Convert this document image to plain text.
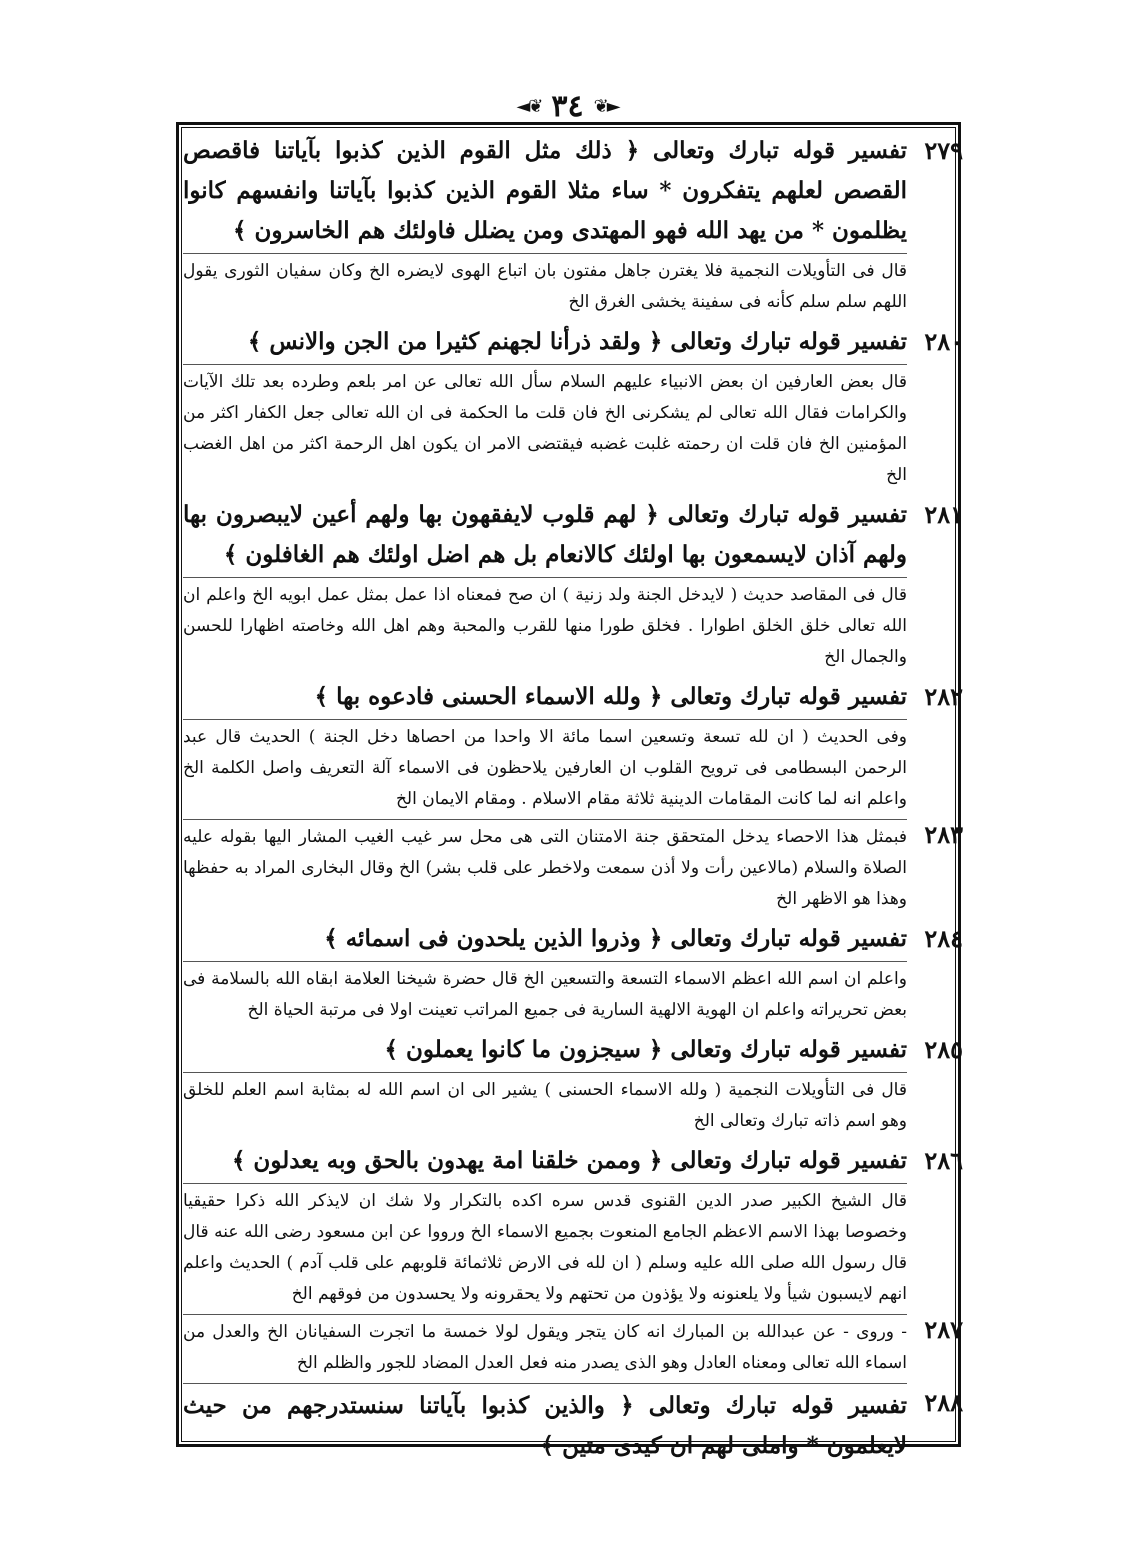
◄❦ ٣٤ ❦►
٢٧٩
تفسير قوله تبارك وتعالى ﴿ ذلك مثل القوم الذين كذبوا بآياتنا فاقصص القصص لعلهم يتفكرون * ساء مثلا القوم الذين كذبوا بآياتنا وانفسهم كانوا يظلمون * من يهد الله فهو المهتدى ومن يضلل فاولئك هم الخاسرون ﴾
قال فى التأويلات النجمية فلا يغترن جاهل مفتون بان اتباع الهوى لايضره الخ وكان سفيان الثورى يقول اللهم سلم سلم كأنه فى سفينة يخشى الغرق الخ
٢٨٠
تفسير قوله تبارك وتعالى ﴿ ولقد ذرأنا لجهنم كثيرا من الجن والانس ﴾
قال بعض العارفين ان بعض الانبياء عليهم السلام سأل الله تعالى عن امر بلعم وطرده بعد تلك الآيات والكرامات فقال الله تعالى لم يشكرنى الخ فان قلت ما الحكمة فى ان الله تعالى جعل الكفار اكثر من المؤمنين الخ فان قلت ان رحمته غلبت غضبه فيقتضى الامر ان يكون اهل الرحمة اكثر من اهل الغضب الخ
٢٨١
تفسير قوله تبارك وتعالى ﴿ لهم قلوب لايفقهون بها ولهم أعين لايبصرون بها ولهم آذان لايسمعون بها اولئك كالانعام بل هم اضل اولئك هم الغافلون ﴾
قال فى المقاصد حديث ( لايدخل الجنة ولد زنية ) ان صح فمعناه اذا عمل بمثل عمل ابويه الخ واعلم ان الله تعالى خلق الخلق اطوارا . فخلق طورا منها للقرب والمحبة وهم اهل الله وخاصته اظهارا للحسن والجمال الخ
٢٨٢
تفسير قوله تبارك وتعالى ﴿ ولله الاسماء الحسنى فادعوه بها ﴾
وفى الحديث ( ان لله تسعة وتسعين اسما مائة الا واحدا من احصاها دخل الجنة ) الحديث قال عبد الرحمن البسطامى فى ترويح القلوب ان العارفين يلاحظون فى الاسماء آلة التعريف واصل الكلمة الخ واعلم انه لما كانت المقامات الدينية ثلاثة مقام الاسلام . ومقام الايمان الخ
٢٨٣
فبمثل هذا الاحصاء يدخل المتحقق جنة الامتنان التى هى محل سر غيب الغيب المشار اليها بقوله عليه الصلاة والسلام (مالاعين رأت ولا أذن سمعت ولاخطر على قلب بشر) الخ وقال البخارى المراد به حفظها وهذا هو الاظهر الخ
٢٨٤
تفسير قوله تبارك وتعالى ﴿ وذروا الذين يلحدون فى اسمائه ﴾
واعلم ان اسم الله اعظم الاسماء التسعة والتسعين الخ قال حضرة شيخنا العلامة ابقاه الله بالسلامة فى بعض تحريراته واعلم ان الهوية الالهية السارية فى جميع المراتب تعينت اولا فى مرتبة الحياة الخ
٢٨٥
تفسير قوله تبارك وتعالى ﴿ سيجزون ما كانوا يعملون ﴾
قال فى التأويلات النجمية ( ولله الاسماء الحسنى ) يشير الى ان اسم الله له بمثابة اسم العلم للخلق وهو اسم ذاته تبارك وتعالى الخ
٢٨٦
تفسير قوله تبارك وتعالى ﴿ وممن خلقنا امة يهدون بالحق وبه يعدلون ﴾
قال الشيخ الكبير صدر الدين القنوى قدس سره اكده بالتكرار ولا شك ان لايذكر الله ذكرا حقيقيا وخصوصا بهذا الاسم الاعظم الجامع المنعوت بجميع الاسماء الخ ورووا عن ابن مسعود رضى الله عنه قال قال رسول الله صلى الله عليه وسلم ( ان لله فى الارض ثلاثمائة قلوبهم على قلب آدم ) الحديث واعلم انهم لايسبون شيأ ولا يلعنونه ولا يؤذون من تحتهم ولا يحقرونه ولا يحسدون من فوقهم الخ
٢٨٧
- وروى - عن عبدالله بن المبارك انه كان يتجر ويقول لولا خمسة ما اتجرت السفيانان الخ والعدل من اسماء الله تعالى ومعناه العادل وهو الذى يصدر منه فعل العدل المضاد للجور والظلم الخ
٢٨٨
تفسير قوله تبارك وتعالى ﴿ والذين كذبوا بآياتنا سنستدرجهم من حيث لايعلمون * واملى لهم ان كيدى متين ﴾
